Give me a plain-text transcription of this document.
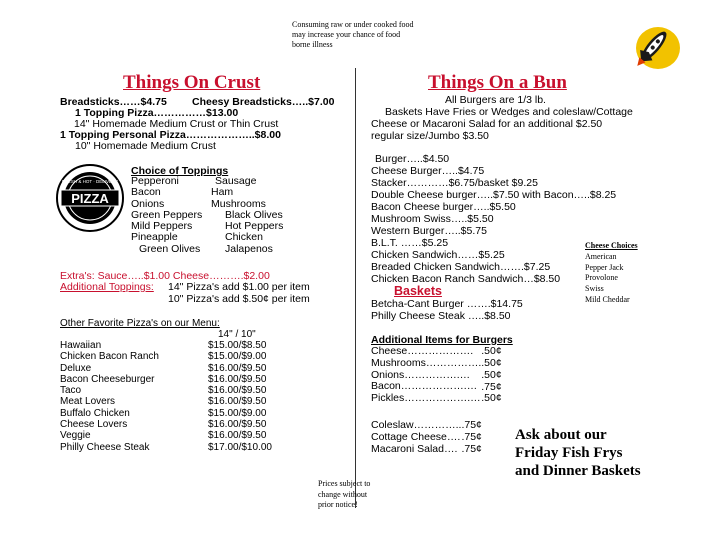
Consuming raw or under cooked food
may increase your chance of food
borne illness
Things On Crust
Breadsticks……$4.75 Cheesy Breadsticks…..$7.00
1 Topping Pizza……………$13.00
14" Homemade Medium Crust or Thin Crust
1 Topping Personal Pizza………………..$8.00
10" Homemade Medium Crust
PIZZA
FRESH & HOT · DELIVERY
Choice of Toppings
Pepperoni	Sausage
Bacon	Ham
Onions	Mushrooms
Green Peppers	Black Olives
Mild Peppers	Hot Peppers
Pineapple	Chicken
Green Olives	Jalapenos
Extra's: Sauce…..$1.00 Cheese……….$2.00
Additional Toppings: 14" Pizza's add $1.00 per item
10" Pizza's add $.50¢ per item
Other Favorite Pizza's on our Menu:
14" / 10"
Hawaiian	$15.00/$8.50
Chicken Bacon Ranch	$15.00/$9.00
Deluxe	$16.00/$9.50
Bacon Cheeseburger	$16.00/$9.50
Taco	$16.00/$9.50
Meat Lovers	$16.00/$9.50
Buffalo Chicken	$15.00/$9.00
Cheese Lovers	$16.00/$9.50
Veggie	$16.00/$9.50
Philly Cheese Steak	$17.00/$10.00
Things On a Bun
All Burgers are 1/3 lb.
Baskets Have Fries or Wedges and coleslaw/Cottage
Cheese or Macaroni Salad for an additional $2.50
regular size/Jumbo $3.50
Burger…..$4.50
Cheese Burger…..$4.75
Stacker…………$6.75/basket $9.25
Double Cheese burger…..$7.50 with Bacon…..$8.25
Bacon Cheese burger…..$5.50
Mushroom Swiss…..$5.50
Western Burger…..$5.75
B.L.T. ……$5.25
Chicken Sandwich……$5.25
Breaded Chicken Sandwich…….$7.25
Chicken Bacon Ranch Sandwich…$8.50
Baskets
Betcha-Cant Burger …….$14.75
Philly Cheese Steak …..$8.50
Additional Items for Burgers
Cheese……………….	.50¢
Mushrooms…………….	.50¢
Onions…………….…	.50¢
Bacon……………….…	.75¢
Pickles……………….…	.50¢
Coleslaw…………..	.75¢
Cottage Cheese….	.75¢
Macaroni Salad….	.75¢
Cheese Choices
American
Pepper Jack
Provolone
Swiss
Mild Cheddar
Ask about our
Friday Fish Frys
and Dinner Baskets
Prices subject to
change without
prior notice!
